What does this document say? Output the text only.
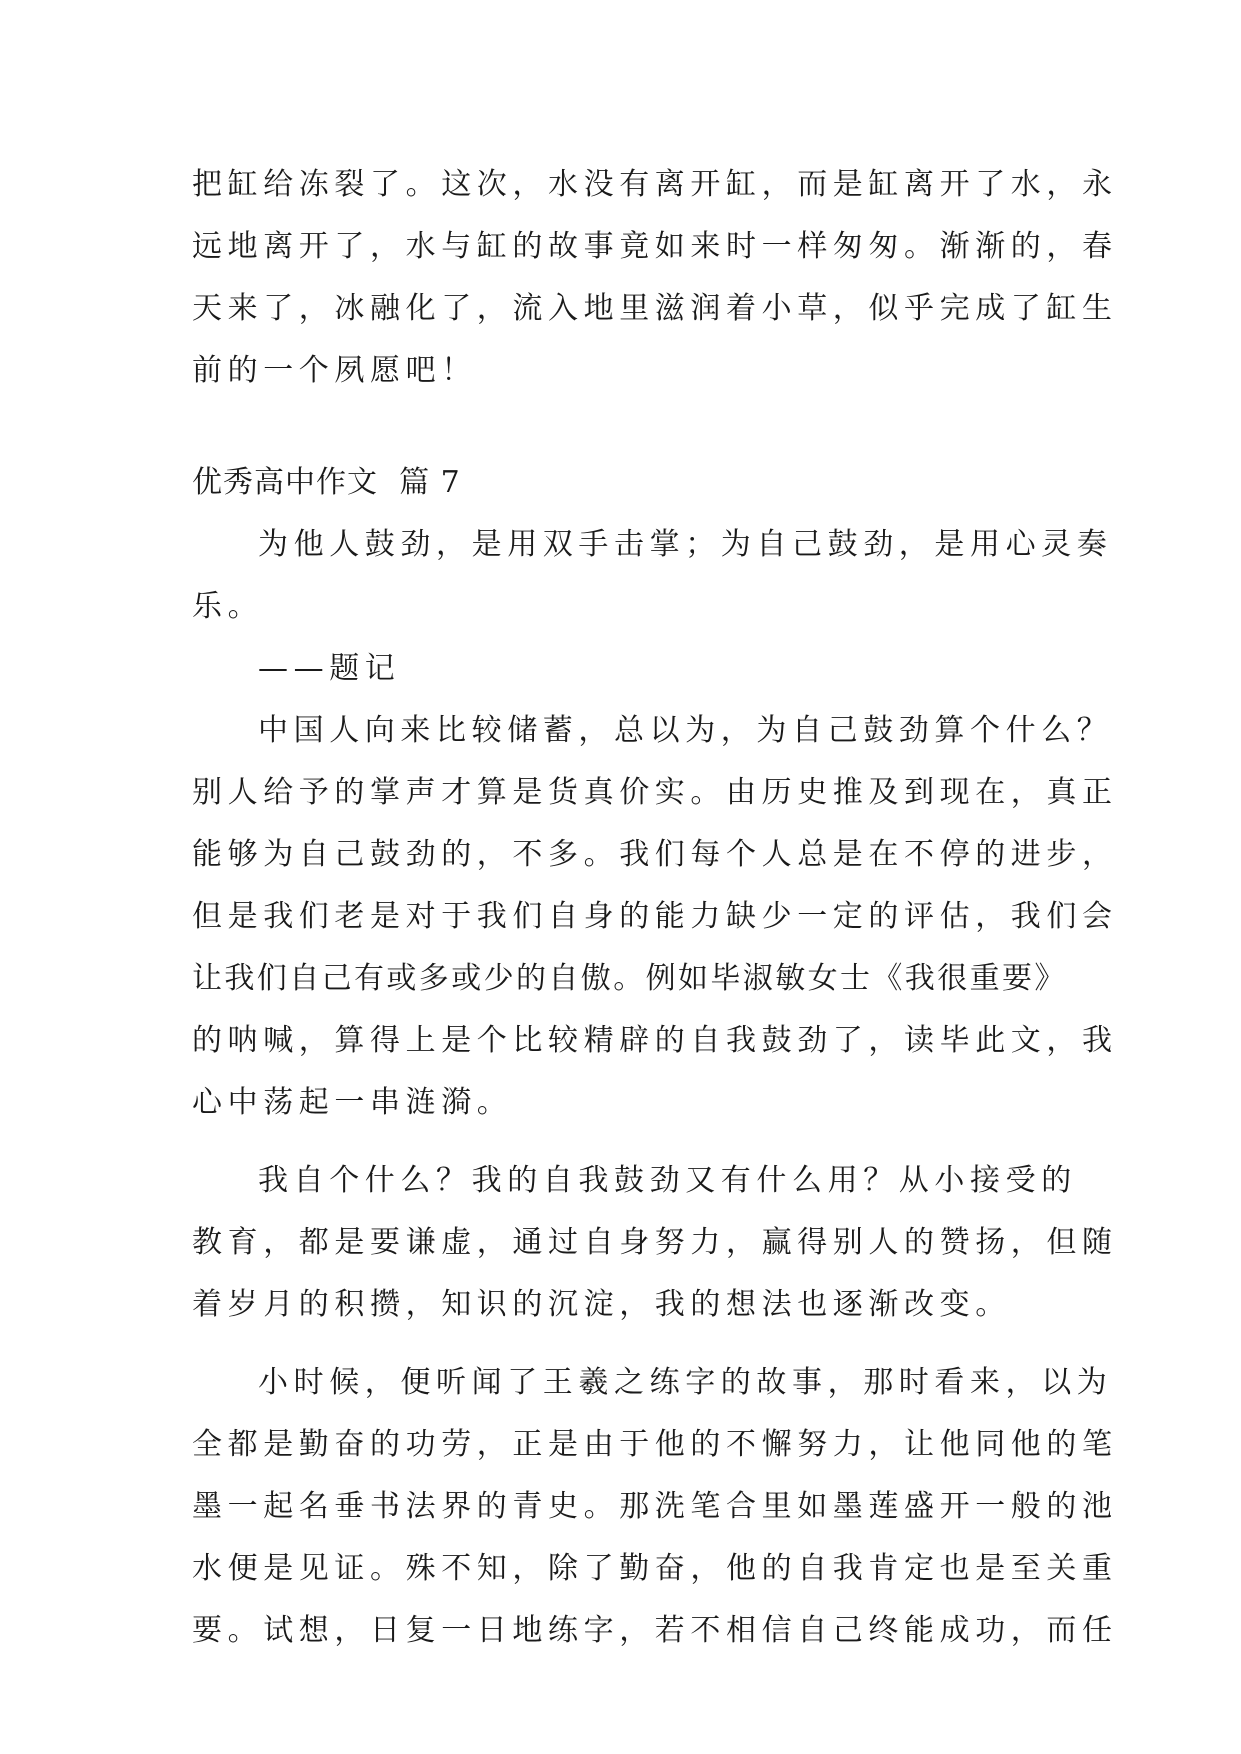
把缸给冻裂了。这次，水没有离开缸，而是缸离开了水，永
远地离开了，水与缸的故事竟如来时一样匆匆。渐渐的，春
天来了，冰融化了，流入地里滋润着小草，似乎完成了缸生
前的一个夙愿吧！
优秀高中作文  篇 7
为他人鼓劲，是用双手击掌；为自己鼓劲，是用心灵奏
乐。
——题记
中国人向来比较储蓄，总以为，为自己鼓劲算个什么？
别人给予的掌声才算是货真价实。由历史推及到现在，真正
能够为自己鼓劲的，不多。我们每个人总是在不停的进步，
但是我们老是对于我们自身的能力缺少一定的评估，我们会
让我们自己有或多或少的自傲。例如毕淑敏女士《我很重要》
的呐喊，算得上是个比较精辟的自我鼓劲了，读毕此文，我
心中荡起一串涟漪。
我自个什么？我的自我鼓劲又有什么用？从小接受的
教育，都是要谦虚，通过自身努力，赢得别人的赞扬，但随
着岁月的积攒，知识的沉淀，我的想法也逐渐改变。
小时候，便听闻了王羲之练字的故事，那时看来，以为
全都是勤奋的功劳，正是由于他的不懈努力，让他同他的笔
墨一起名垂书法界的青史。那洗笔合里如墨莲盛开一般的池
水便是见证。殊不知，除了勤奋，他的自我肯定也是至关重
要。试想，日复一日地练字，若不相信自己终能成功，而任
